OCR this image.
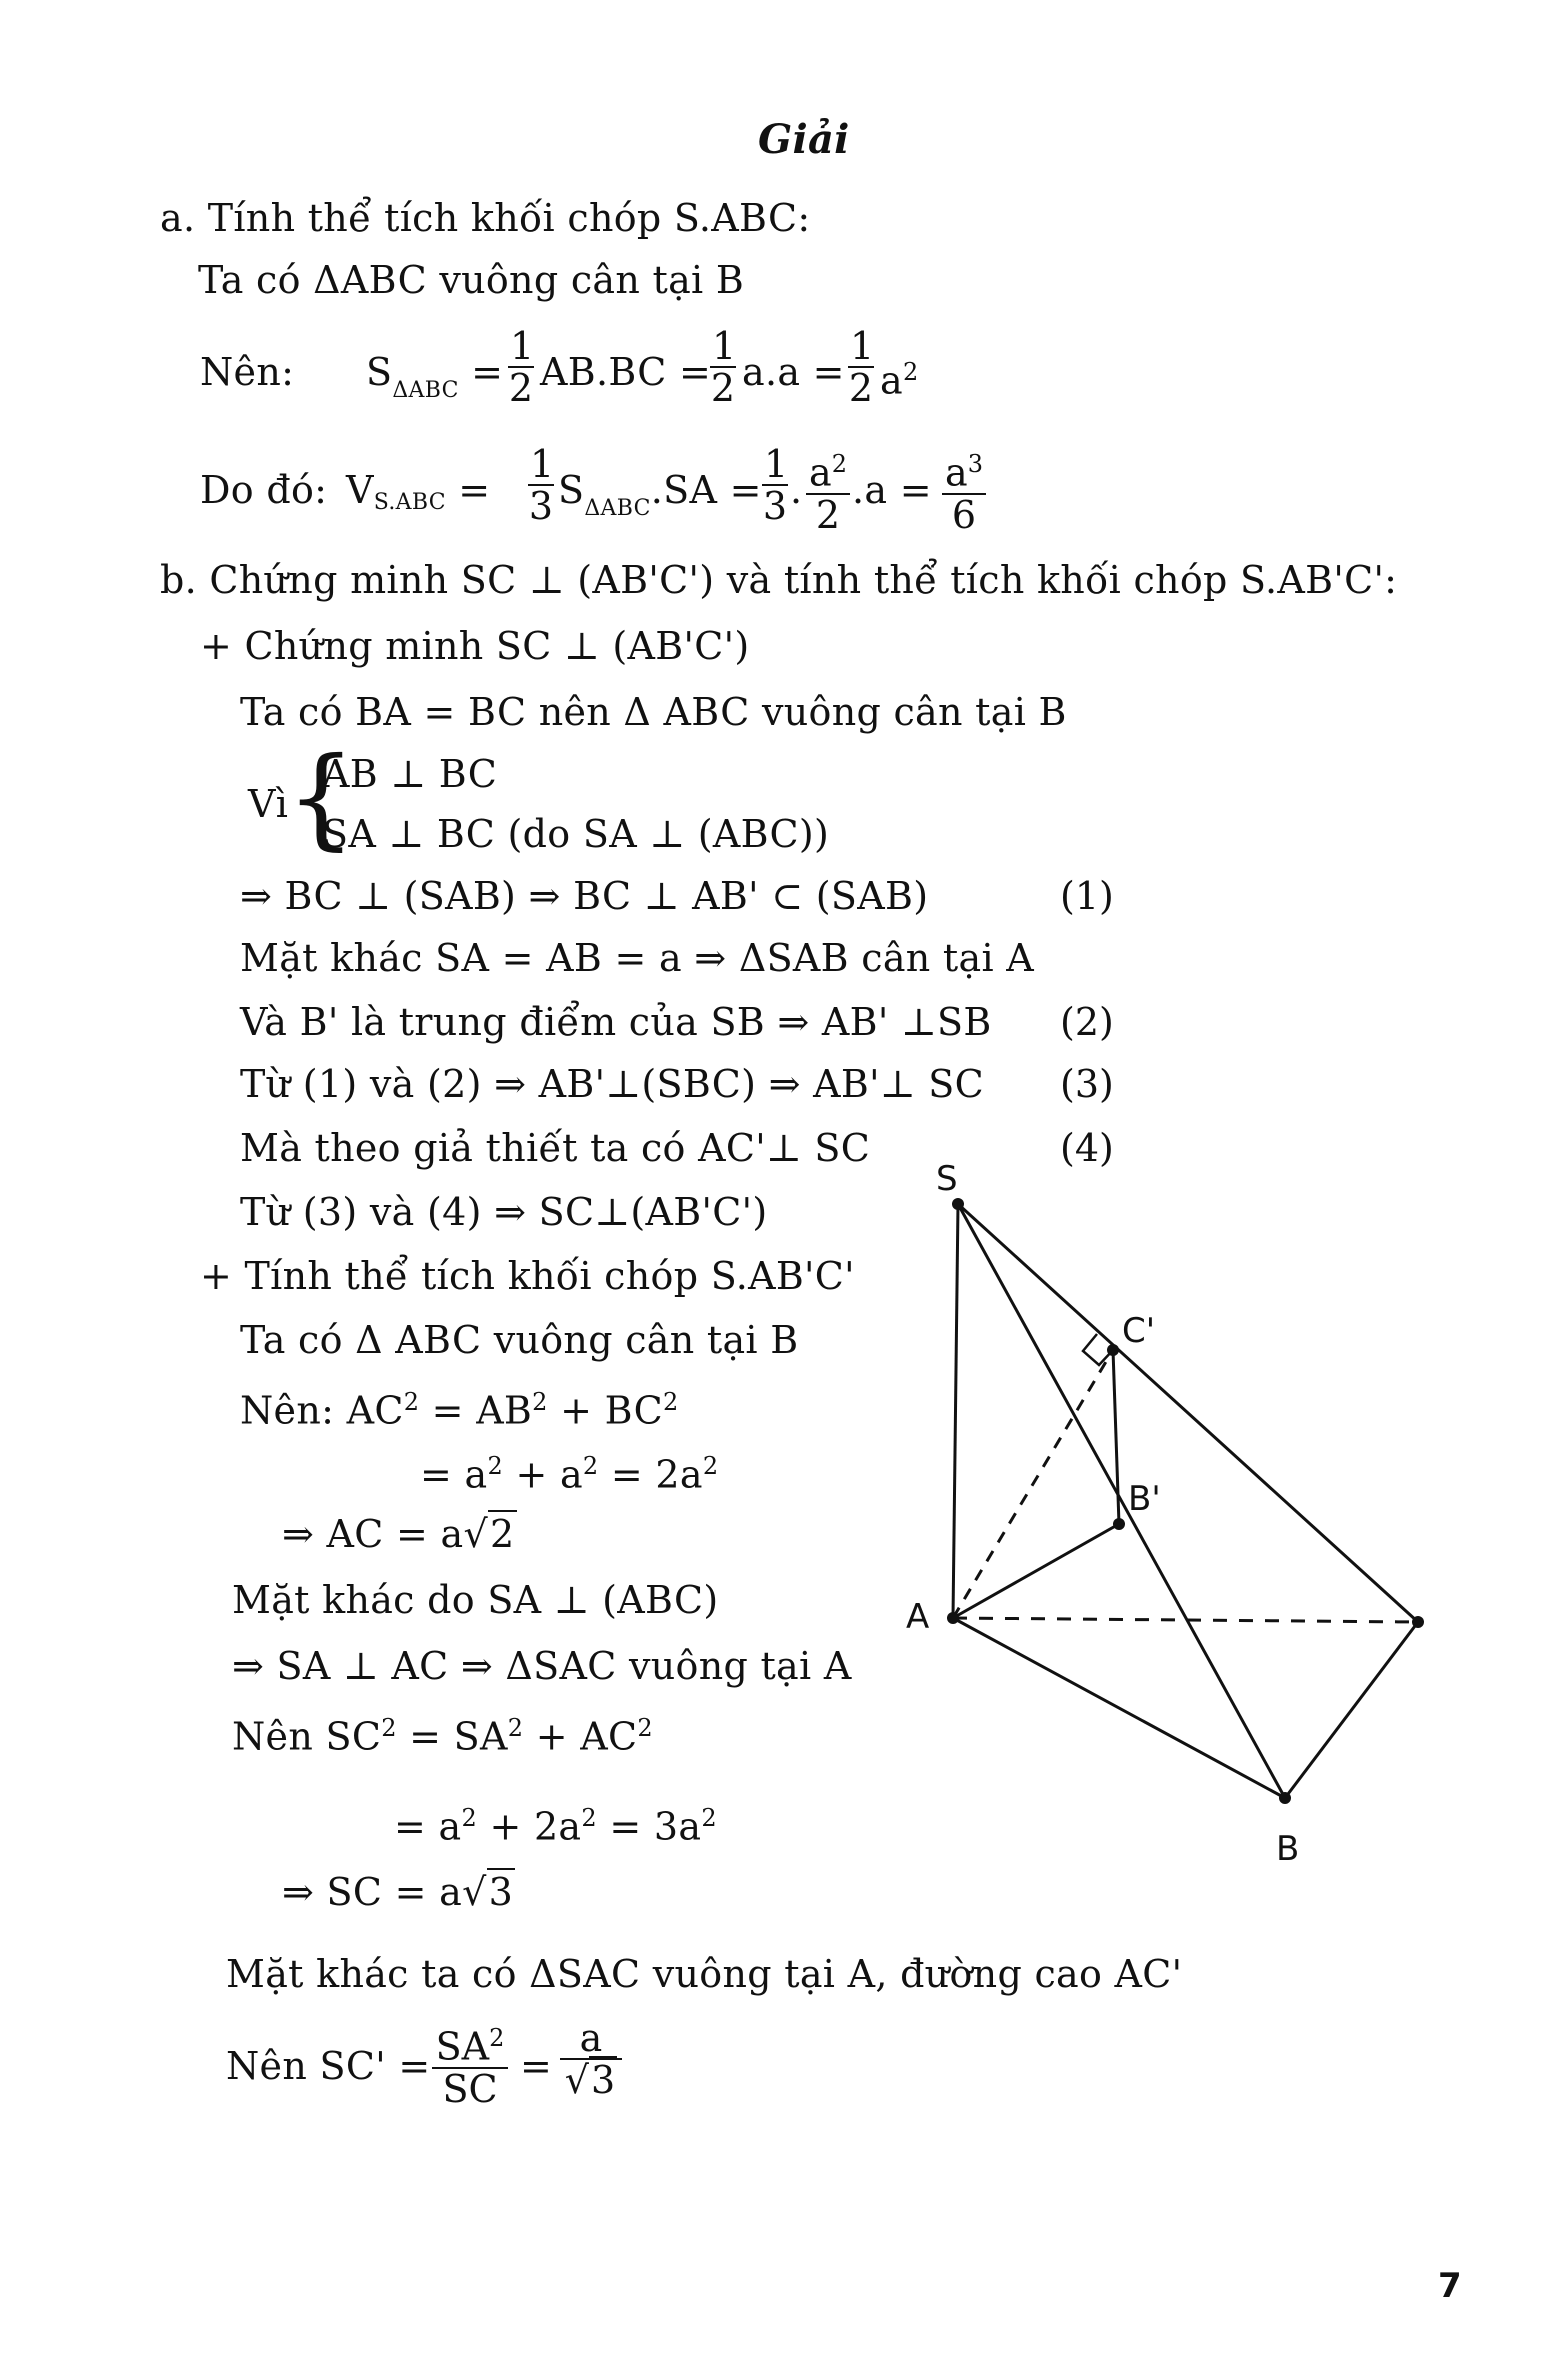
Giải
a. Tính thể tích khối chóp S.ABC:
Ta có ΔABC vuông cân tại B
Nên: $S_{\Delta ABC} = \frac{1}{2} AB.BC$ =
$\frac{1}{2} a.a = \frac{1}{2} a^2$
Do đó: $VS.ABC = \frac{1}{3} S_{\Delta ABC}.SA = \frac{1}{3}$ . $\frac{a^2}{2} .a = \frac{a^3}{6}$
b. Chứng minh SC ⊥ (AB'C') và tính thể tích khối chóp S.AB'C':
+ Chứng minh SC ⊥ (AB'C')
Ta có BA = BC nên Δ ABC vuông cân tại B
Vì
{
AB ⊥ BC
SA ⊥ BC (do SA ⊥ (ABC))
⇒ BC ⊥ (SAB) ⇒ BC ⊥ AB' ⊂ (SAB)	(1)
Mặt khác SA = AB = a ⇒ ΔSAB cân tại A
Và B' là trung điểm của SB ⇒ AB' ⊥SB (2)
Từ (1) và (2) ⇒ AB'⊥(SBC) ⇒ AB'⊥ SC (3)
Mà theo giả thiết ta có AC'⊥ SC	(4)
Từ (3) và (4) ⇒ SC⊥(AB'C')
+ Tính thể tích khối chóp S.AB'C'
Ta có Δ ABC vuông cân tại B
Nên: $AC^2 = AB^2 + BC^2$
= $a^2 + a^2 = 2a^2$
⇒ AC = a√2
Mặt khác do SA ⊥ (ABC)
⇒ SA ⊥ AC ⇒ ΔSAC vuông tại A
Nên $SC^2 = SA^2 + AC^2$
= $a^2 + 2a^2 = 3a^2$
⇒ SC = a√3
Mặt khác ta có ΔSAC vuông tại A, đường cao AC'
Nên $SC' = \frac{SA^2}{SC} = \frac{a}{√3}$
S
A
B
B'
C'
7
